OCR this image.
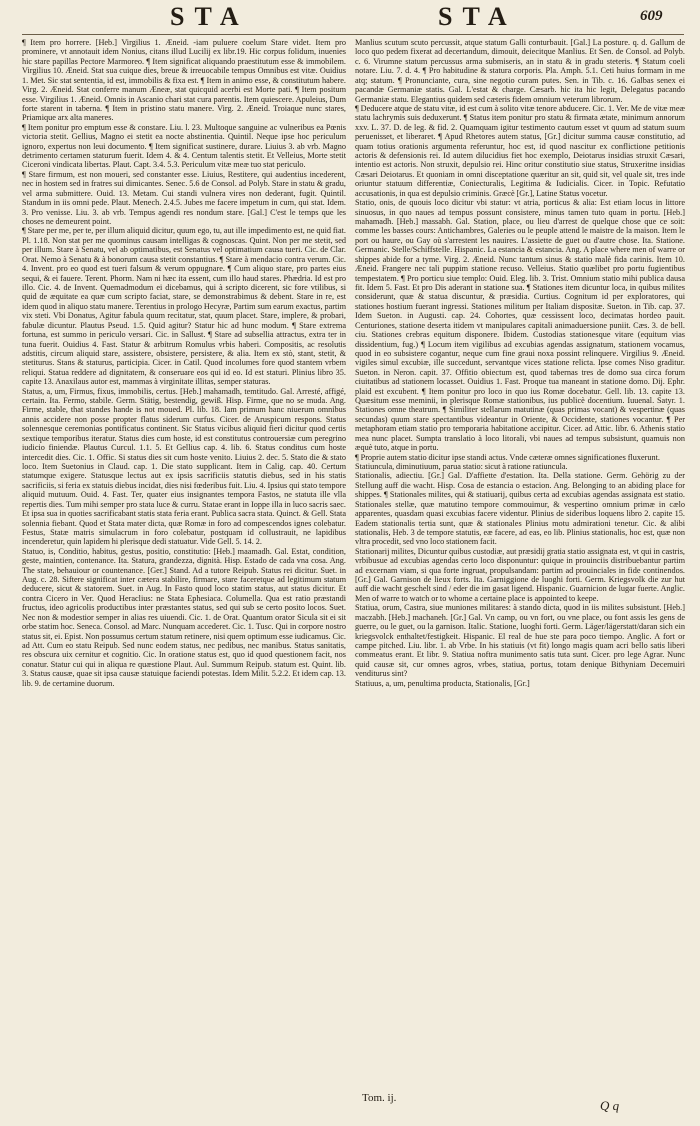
STA	STA	609

¶ Item pro horrere. [Heb.] Virgilius 1. Æneid. -iam puluere coelum Stare videt. Item pro prominere, vt annotauit idem Nonius, citans illud Lucilij ex libr.19. Hic corpus folidum, inuenies hic stare papillas Pectore Marmoreo. ¶ Item significat aliquando praestitutum esse & immobilem. Virgilius 10. Æneid. Stat sua cuique dies, breue & irreuocabile tempus Omnibus est vitæ. Ouidius 1. Met. Sic stat sententia, id est, immobilis & fixa est. ¶ Item in animo esse, & constitutum habere. Virg. 2. Æneid. Stat conferre manum Æneæ, stat quicquid acerbi est Morte pati. ¶ Item positum esse. Virgilius 1. Æneid. Omnis in Ascanio chari stat cura parentis. Item quiescere. Apuleius, Dum forte starent in taberna. ¶ Item in pristino statu manere. Virg. 2. Æneid. Troiaque nunc stares, Priamique arx alta maneres.

¶ Item ponitur pro emptum esse & constare. Liu. l. 23. Multoque sanguine ac vulneribus ea Pœnis victoria stetit. Gellius, Magno ei stetit ea nocte abstinentia. Quintil. Neque ipse hoc periculum ignoro, expertus non leui documento. ¶ Item significat sustinere, durare. Liuius 3. ab vrb. Magno detrimento certamen staturum fuerit. Idem 4. & 4. Centum talentis stetit. Et Velleius, Morte stetit Ciceroni vindicata libertas. Plaut. Capt. 3.4. 5.3. Periculum vitæ meæ tuo stat periculo.

¶ Stare firmum, est non moueri, sed constanter esse. Liuius, Restitere, qui audentius incederent, nec in hostem sed in fratres sui dimicantes. Senec. 5.6 de Consol. ad Polyb. Stare in statu & gradu, vel arma submittere. Ouid. 13. Metam. Cui standi vulnera vires non dederant, fugit. Quintil. Standum in iis omni pede. Plaut. Menech. 2.4.5. Jubes me facere impetum in cum, qui stat. Idem. 3. Pro venisse. Liu. 3. ab vrb. Tempus agendi res nondum stare. [Gal.] C'est le temps que les choses ne demeurent point.

¶ Stare per me, per te, per illum aliquid dicitur, quum ego, tu, aut ille impedimento est, ne quid fiat. Pl. 1.18. Non stat per me quominus causam intelligas & cognoscas. Quint. Non per me stetit, sed per illum. Stare à Senatu, vel ab optimatibus, est Senatus vel optimatium causa tueri. Cic. de Clar. Orat. Nemo à Senatu & à bonorum causa stetit constantius. ¶ Stare à mendacio contra verum. Cic. 4. Invent. pro eo quod est tueri falsum & verum oppugnare. ¶ Cum aliquo stare, pro partes eius sequi, & ei fauere. Terent. Phorm. Nam ni hæc ita essent, cum illo haud stares. Phædria. Id est pro illo. Cic. 4. de Invent. Quemadmodum ei dicebamus, qui à scripto dicerent, sic fore vtilibus, si quid de æquitate ea quæ cum scripto faciat, stare, se demonstrabimus & debent. Stare in re, est idem quod in aliquo statu manere. Terentius in prologo Hecyræ, Partim sum earum exactus, partim vix steti. Vbi Donatus, Agitur fabula quum recitatur, stat, quum placet. Stare, implere, & probari, fabulæ dicuntur. Plautus Pseud. 1.5. Quid agitur? Statur hic ad hunc modum. ¶ Stare extrema fortuna, est summo in periculo versari. Cic. in Sallust. ¶ Stare ad subsellia attractus, extra ter in tuna fuerit. Ouidius 4. Fast. Statur & arbitrum Romulus vrbis haberi. Compositis, ac resolutis adstitis, circum aliquid stare, assistere, obsistere, persistere, & alia. Item ex stò, stant, stetit, & stetiturus. Stans & staturus, participia. Cicer. in Catil. Quod incolumes fore quod stantem vrbem reliqui. Statua reddere ad dignitatem, & conseruare eos qui id eo. Id est staturi. Plinius libro 35. capite 13. Anaxilaus autor est, mammas à virginitate illitas, semper staturas.

Status, a, um, Firmus, fixus, immobilis, certus. [Heb.] mahamadh, temtitudo. Gal. Arresté, affigé, certain. Ita. Fermo, stabile. Germ. Stätig, bestendig, gewiß. Hisp. Firme, que no se muda. Ang. Firme, stable, that standes hande is not moued. Pl. lib. 18. Iam primum hanc niuerum omnibus annis accidere non posse propter flatus siderum curfus. Cicer. de Aruspicum respons. Status solennesque ceremonias pontificatus continent. Sic Status vicibus aliquid fieri dicitur quod certis sextique temporibus iteratur. Status dies cum hoste, id est constitutus controuersiæ cum peregrino iudicio finiendæ. Plautus Curcul. 1.1. 5. Et Gellius cap. 4. lib. 6. Status conditus cum hoste intercedit dies. Cic. 1. Offic. Si status dies sit cum hoste venito. Liuius 2. dec. 5. Stato die & stato loco. Item Suetonius in Claud. cap. 1. Die stato supplicant. Item in Calig. cap. 40. Certum statumque exigere. Statusque lectus aut ex ipsis sacrificiis statutis diebus, sed in his statis sacrificiis, si feria ex statuis diebus incidat, dies nisi fœderibus fuit. Liu. 4. Ipsius qui stato tempore aliquid mutuum. Ouid. 4. Fast. Ter, quater eius insignantes tempora Fastos, ne statuta ille vlla repertis dies. Tum mihi semper pro stata luce & curru. Statae erant in Ioppe illa in luco sacris saec. Et ipsa sua in quoties sacrificabant statis stata feria erant. Publica sacra stata. Quinct. & Gell. Stata solennia fiebant. Quod et Stata mater dicta, quæ Romæ in foro ad compescendos ignes colebatur. Festus, Statæ matris simulacrum in foro colebatur, postquam id collustrauit, ne lapidibus incenderetur, quin lapidem hi plerisque dedi statuatur. Vide Gell. 5. 14. 2.

Statuo, is, Conditio, habitus, gestus, positio, constitutio: [Heb.] maamadh. Gal. Estat, condition, geste, maintien, contenance. Ita. Statura, grandezza, dignità. Hisp. Estado de cada vna cosa. Ang. The state, behauiour or countenance. [Ger.] Stand. Ad a tutore Reipub. Status rei dicitur. Suet. in Aug. c. 28. Siftere significat inter cætera stabilire, firmare, stare faceretque ad legitimum statum deducere, sicut & statorem. Suet. in Aug. In Fasto quod loco statim status, aut status dicitur. Et contra Cicero in Ver. Quod Heraclius: ne Stata Ephesiaca. Columella. Qua est ratio præstandi fructus, ideo agricolis productibus inter præstantes status, sed qui sub se certo posito locos. Suet. Nec non & modestior semper in alias res uiuendi. Cic. 1. de Orat. Quantum orator Sicula sit ei sit orbe statim hoc. Seneca. Consol. ad Marc. Nunquam accederet. Cic. 1. Tusc. Qui in corpore nostro status sit, ei. Epist. Non possumus certum statum retinere, nisi quem optimum esse iudicamus. Cic. ad Att. Cum eo statu Reipub. Sed nunc eodem status, nec pedibus, nec manibus. Status sanitatis, res obscura uix cernitur et cognitio. Cic. In oratione status est, quo id quod questionem facit, nos conatur. Statur cui qui in aliqua re quæstione Plaut. Aul. Summum Reipub. statum est. Quint. lib. 3. Status causæ, quae sit ipsa causæ statuique faciendi potestas. Idem Milit. 5.2.2. Et idem cap. 13. lib. 9. de certamine duorum.

Manlius scutum scuto percussit, atque statum Galli conturbauit. [Gal.] La posture. q. d. Gallum de loco quo pedem fixerat ad decertandum, dimouit, deiecitque Manlius. Et Sen. de Consol. ad Polyb. c. 6. Virumne statum percussus arma submiseris, an in statu & in gradu steteris. ¶ Statum coeli notare. Liu. 7. d. 4. ¶ Pro habitudine & statura corporis. Pla. Amph. 5.1. Ceti huius formam in me atq; statum. ¶ Pronunciante, cura, sine negotio curam putes. Sen. in Tib. c. 16. Galbas senex ei pacandæ Germaniæ statis. Gal. L'estat & charge. Cæsarb. hic ita hic legit, Delegatus pacando Germaniæ statu. Elegantius quidem sed cæteris fidem omnium veterum librorum.

¶ Deducere atque de statu vitæ, id est cum à solito vitæ tenore abducere. Cic. 1. Ver. Me de vitæ meæ statu lachrymis suis deduxerunt. ¶ Status item ponitur pro statu & firmata ætate, minimum annorum xxv. L. 37. D. de leg. & fid. 2. Quamquam igitur testimento cautum esset vt quum ad statum suum peruenisset, et liberaret. ¶ Apud Rhetores autem status, [Gr.] dicitur summa causæ constitutio, ad quam totius orationis argumenta referuntur, hoc est, id quod nascitur ex conflictione petitionis actoris & defensionis rei. Id autem dilucidius fiet hoc exemplo, Deiotarus insidias struxit Cæsari, intentio est actoris. Non struxit, depulsio rei. Hinc oritur constitutio siue status, Struxeritne insidias Cæsari Deiotarus. Et quoniam in omni disceptatione quæritur an sit, quid sit, vel quale sit, tres inde oriuntur statuum differentiæ, Coniecturalis, Legitima & Iudicialis. Cicer. in Topic. Refutatio accusationis, in qua est depulsio criminis. Græcè [Gr.], Latine Status vocetur.

Statio, onis, de quouis loco dicitur vbi statur: vt atria, porticus & alia: Est etiam locus in littore sinuosus, in quo naues ad tempus possunt consistere, minus tamen tuto quam in portu. [Heb.] mahamadh. [Heb.] massabh. Gal. Station, place, ou lieu d'arrest de quelque chose que ce soit: comme les basses cours: Antichambres, Galeries ou le peuple attend le maistre de la maison. Item le port ou haure, ou Gay où s'arrestent les nauires. L'assiette de guet ou d'autre chose. Ita. Statione. Germanic. Stelle/Schiffstelle. Hispanic. La estancia & estancia. Ang. A place where men of warre or shippes abide for a tyme. Virg. 2. Æneid. Nunc tantum sinus & statio malè fida carinis. Item 10. Æneid. Frangere nec tali puppim statione recuso. Velleius. Statio quælibet pro portu fugientibus tempestatem. ¶ Pro porticu siue templo: Ouid. Eleg. lib. 3. Trist. Omnium statio mihi publica dausa fit. Idem 5. Fast. Et pro Dis aderant in statione sua. ¶ Stationes item dicuntur loca, in quibus milites considerunt, quæ & statua discuntur, & præsidia. Curtius. Cognitum id per exploratores, qui stationes hostium fuerant ingressi. Stationes militum per Italiam dispositæ. Sueton. in Tib. cap. 37. Idem Sueton. in Augusti. cap. 24. Cohortes, quæ cessissent loco, decimatas hordeo pauit. Centuriones, statione deserta itidem vt manipulares capitali animaduersione puniit. Cæs. 3. de bell. ciu. Stationes crebras equitum disponere. Ibidem. Custodias stationesque vitare (equitum vias dissidentium, fug.) ¶ Locum item vigilibus ad excubias agendas assignatum, stationem vocamus, quod in eo subsistere cogantur, neque cum fine graui noxa possint relinquere. Virgilius 9. Æneid. vigiles simul excubiæ, ille succedunt, servantque vices statione relicta. Ipse comes Niso graditur. Sueton. in Neron. capit. 37. Offitio obiectum est, quod tabernas tres de domo sua circa forum ciuitatibus ad stationem locasset. Ouidius 1. Fast. Proque tua maneant in statione domo. Dij. Ephr. plaid est excubent. ¶ Item ponitur pro loco in quo ius Romæ docebatur. Gell. lib. 13. capite 13. Quæsitum esse meminii, in plerisque Romæ stationibus, ius publicè docentium. Iuuenal. Satyr. 1. Stationes omne theatrum. ¶ Similiter stellarum matutinæ (quas primas vocant) & vespertinæ (quas secundas) quum stare spectantibus videantur in Oriente, & Occidente, stationes vocantur. ¶ Per metaphoram etiam statio pro temporaria habitatione accipitur. Cicer. ad Attic. libr. 6. Athenis statio mea nunc placet. Sumpta translatio à loco litorali, vbi naues ad tempus subsistunt, quamuis non æquè tuto, atque in portu.

¶ Proprie autem statio dicitur ipse standi actus. Vnde cæteræ omnes significationes fluxerunt.

Statiuncula, diminutiuum, parua statio: sicut à ratione ratiuncula.

Stationalis, adiectiu. [Gr.] Gal. D'affiette d'estation. Ita. Della statione. Germ. Gehörig zu der Stellung auff die wacht. Hisp. Cosa de estancia o estacion. Ang. Belonging to an abiding place for shippes. ¶ Stationales milites, qui & statiuarij, quibus certa ad excubias agendas assignata est statio. Stationales stellæ, quæ matutino tempore commouimur, & vespertino omnium primæ in cælo apparentes, quasdam quasi excubias facere videntur. Plinius de sideribus loquens libro 2. capite 15. Eadem stationalis tertia sunt, quæ & stationales Plinius motu admirationi tenetur. Cic. & alibi stationalis, Heb. 3 de tempore statutis, eæ facere, ad eas, eo lib. Plinius stationalis, hoc est, quæ non vltra procedit, sed vno loco stationem facit.

Stationarij milites, Dicuntur quibus custodiæ, aut præsidij gratia statio assignata est, vt qui in castris, vrbibusue ad excubias agendas certo loco disponuntur: quique in prouinciis distribuebantur partim ad excernam viam, si qua forte ingruat, propulsandam: partim ad prouinciales in fide continendos. [Gr.] Gal. Garnison de lieux forts. Ita. Garniggione de luoghi forti. Germ. Kriegsvolk die zur hut auff die wacht geschelt sind / eder die im gasat ligend. Hispanic. Guarnicion de lugar fuerte. Anglic. Men of warre to watch or to whome a certaine place is appointed to keepe.

Statiua, orum, Castra, siue muniones militares: à stando dicta, quod in iis milites subsistunt. [Heb.] maczabh. [Heb.] machaneh. [Gr.] Gal. Vn camp, ou vn fort, ou vne place, ou font assis les gens de guerre, ou le guet, ou la garnison. Italic. Statione, luoghi forti. Germ. Läger/lägerstatt/daran sich ein kriegsvolck enthaltet/festigkeit. Hispanic. El real de hue ste para poco tiempo. Anglic. A fort or campe pitched. Liu. libr. 1. ab Vrbe. In his statiuis (vt fit) longo magis quam acri bello satis liberi commeatus erant. Et libr. 9. Statiua noftra munimento satis tuta sunt. Cicer. pro lege Agrar. Nunc quid causæ sit, cur omnes agros, vrbes, statiua, portus, totam denique Bithyniam Decemuiri venditurus sint?

Statiuus, a, um, penultima producta, Stationalis, [Gr.]

Tom. ij.	Q q
